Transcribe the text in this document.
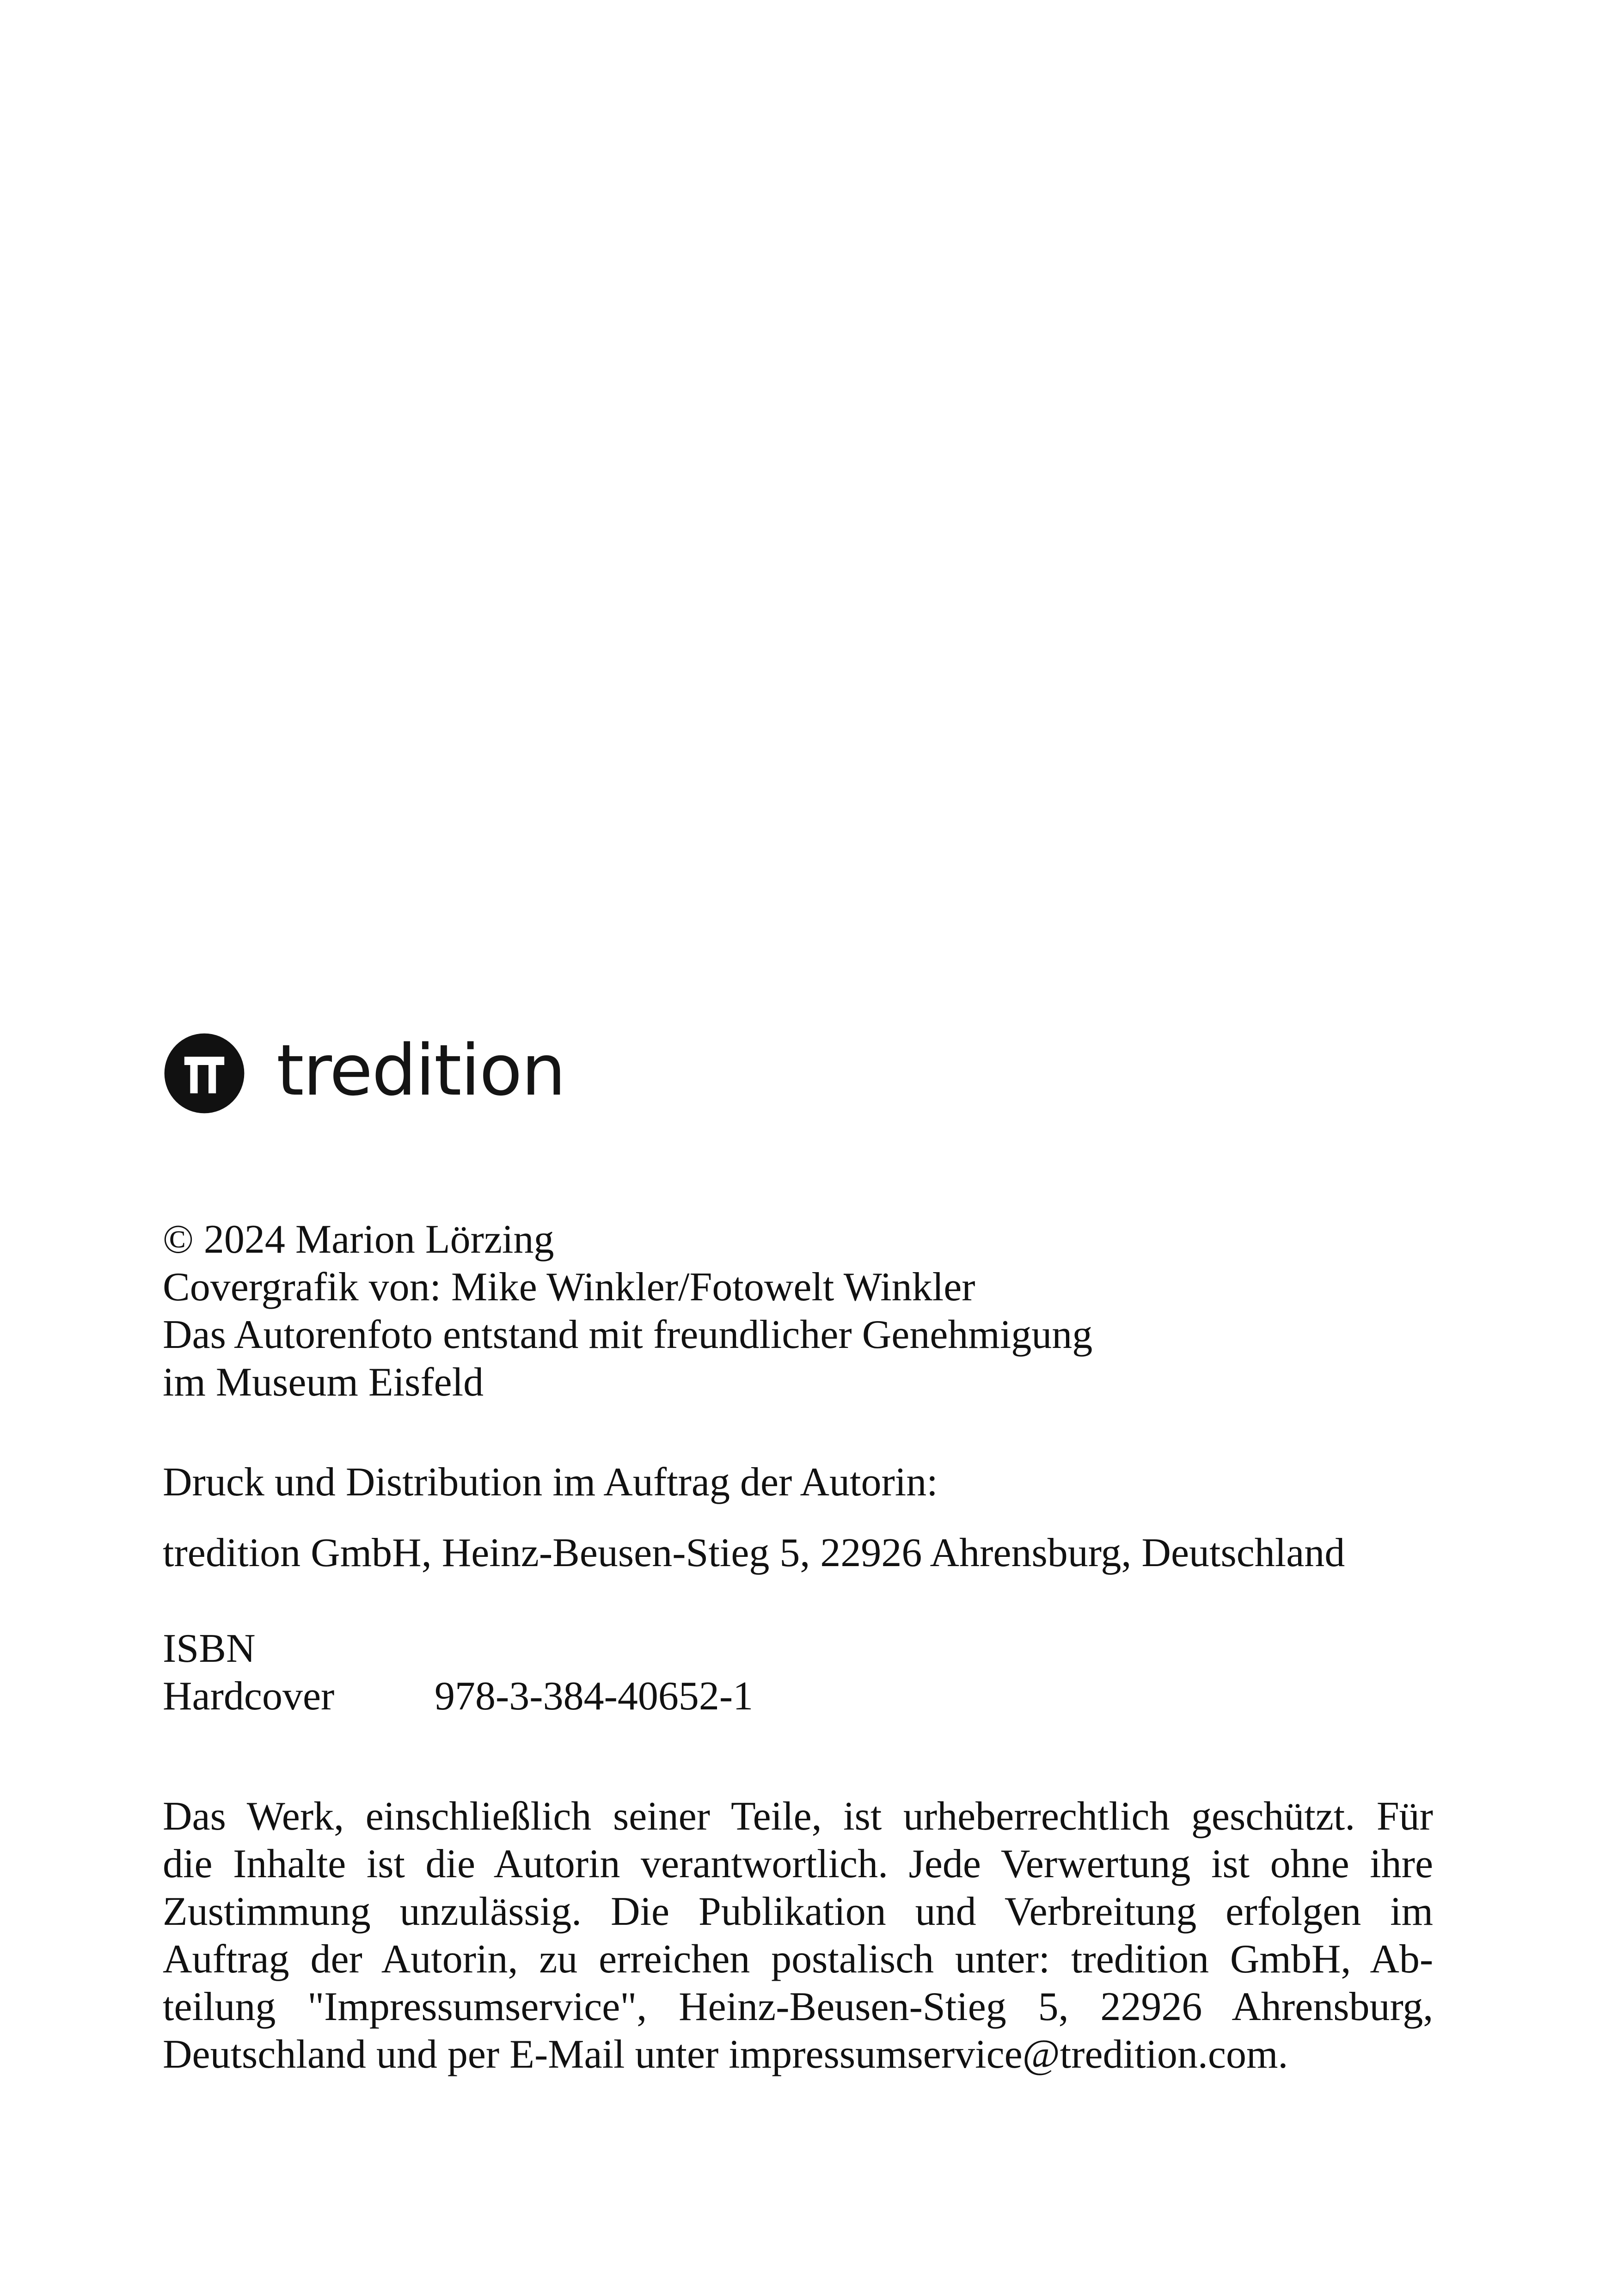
tredition
© 2024 Marion Lörzing
Covergrafik von: Mike Winkler/Fotowelt Winkler
Das Autorenfoto entstand mit freundlicher Genehmigung
im Museum Eisfeld
Druck und Distribution im Auftrag der Autorin:
tredition GmbH, Heinz-Beusen-Stieg 5, 22926 Ahrensburg, Deutschland
ISBN
Hardcover	978-3-384-40652-1
Das Werk, einschließlich seiner Teile, ist urheberrechtlich geschützt. Für
die Inhalte ist die Autorin verantwortlich. Jede Verwertung ist ohne ihre
Zustimmung unzulässig. Die Publikation und Verbreitung erfolgen im
Auftrag der Autorin, zu erreichen postalisch unter: tredition GmbH, Ab-
teilung "Impressumservice", Heinz-Beusen-Stieg 5, 22926 Ahrensburg,
Deutschland und per E-Mail unter impressumservice@tredition.com.
